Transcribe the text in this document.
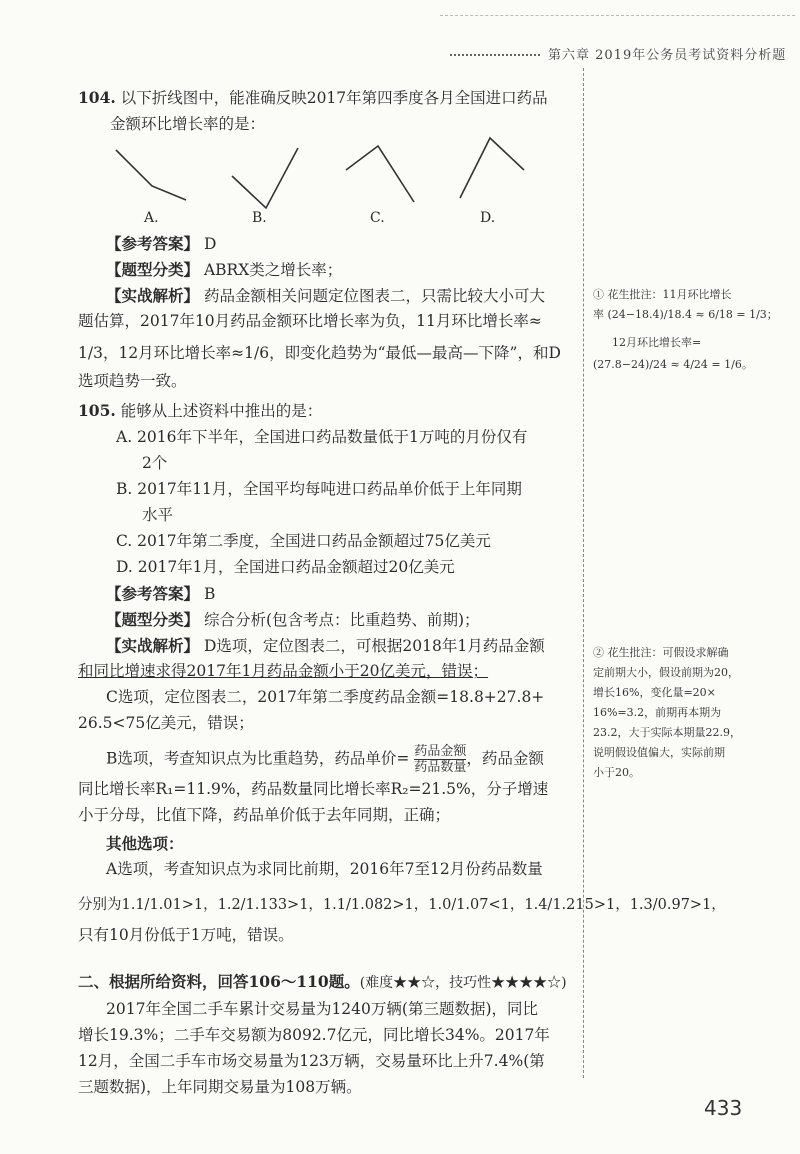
第六章 2019年公务员考试资料分析题

104. 以下折线图中，能准确反映2017年第四季度各月全国进口药品

金额环比增长率的是：

A.	B.	C.	D.

【参考答案】 D

【题型分类】 ABRX类之增长率；

【实战解析】 药品金额相关问题定位图表二，只需比较大小可大

题估算，2017年10月药品金额环比增长率为负，11月环比增长率≈

1/3，12月环比增长率≈1/6，即变化趋势为“最低—最高—下降”，和D

选项趋势一致。

105. 能够从上述资料中推出的是：

A. 2016年下半年，全国进口药品数量低于1万吨的月份仅有

2个

B. 2017年11月，全国平均每吨进口药品单价低于上年同期

水平

C. 2017年第二季度，全国进口药品金额超过75亿美元

D. 2017年1月，全国进口药品金额超过20亿美元

【参考答案】 B

【题型分类】 综合分析(包含考点：比重趋势、前期)；

【实战解析】 D选项，定位图表二，可根据2018年1月药品金额

和同比增速求得2017年1月药品金额小于20亿美元，错误；

C选项，定位图表二，2017年第二季度药品金额=18.8+27.8+

26.5<75亿美元，错误；

B选项，考查知识点为比重趋势，药品单价= 药品金额
药品数量 ，药品金额

同比增长率R₁=11.9%，药品数量同比增长率R₂=21.5%，分子增速

小于分母，比值下降，药品单价低于去年同期，正确；

其他选项：

A选项，考查知识点为求同比前期，2016年7至12月份药品数量

分别为1.1/1.01>1，1.2/1.133>1，1.1/1.082>1，1.0/1.07<1，1.4/1.215>1，1.3/0.97>1，

只有10月份低于1万吨，错误。

二、根据所给资料，回答106～110题。(难度★★☆，技巧性★★★★☆)

2017年全国二手车累计交易量为1240万辆(第三题数据)，同比

增长19.3%；二手车交易额为8092.7亿元，同比增长34%。2017年

12月，全国二手车市场交易量为123万辆，交易量环比上升7.4%(第

三题数据)，上年同期交易量为108万辆。

① 花生批注：11月环比增长

率 (24−18.4)/18.4 ≈ 6/18 = 1/3；

12月环比增长率=

(27.8−24)/24 ≈ 4/24 = 1/6。

② 花生批注：可假设求解确

定前期大小，假设前期为20，

增长16%，变化量=20×

16%=3.2，前期再本期为

23.2，大于实际本期量22.9，

说明假设值偏大，实际前期

小于20。

433
